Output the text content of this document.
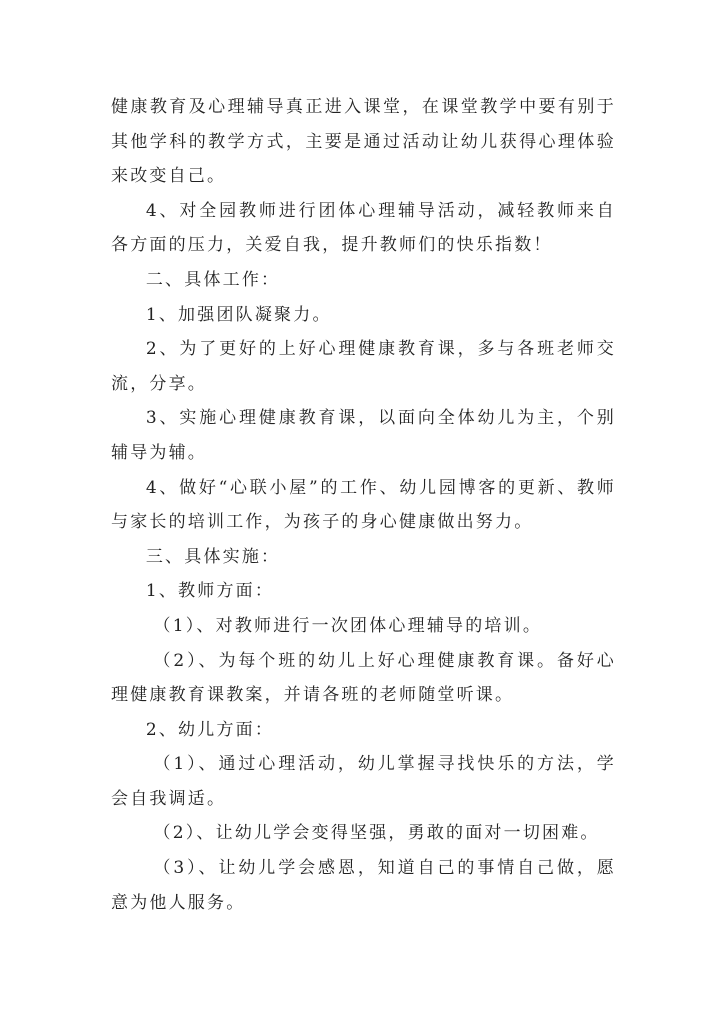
健康教育及心理辅导真正进入课堂，在课堂教学中要有别于其他学科的教学方式，主要是通过活动让幼儿获得心理体验来改变自己。

4、对全园教师进行团体心理辅导活动，减轻教师来自各方面的压力，关爱自我，提升教师们的快乐指数！

二、具体工作：

1、加强团队凝聚力。

2、为了更好的上好心理健康教育课，多与各班老师交流，分享。

3、实施心理健康教育课，以面向全体幼儿为主，个别辅导为辅。

4、做好“心联小屋”的工作、幼儿园博客的更新、教师与家长的培训工作，为孩子的身心健康做出努力。

三、具体实施：

1、教师方面：

（1）、对教师进行一次团体心理辅导的培训。

（2）、为每个班的幼儿上好心理健康教育课。备好心理健康教育课教案，并请各班的老师随堂听课。

2、幼儿方面：

（1）、通过心理活动，幼儿掌握寻找快乐的方法，学会自我调适。

（2）、让幼儿学会变得坚强，勇敢的面对一切困难。

（3）、让幼儿学会感恩，知道自己的事情自己做，愿意为他人服务。
